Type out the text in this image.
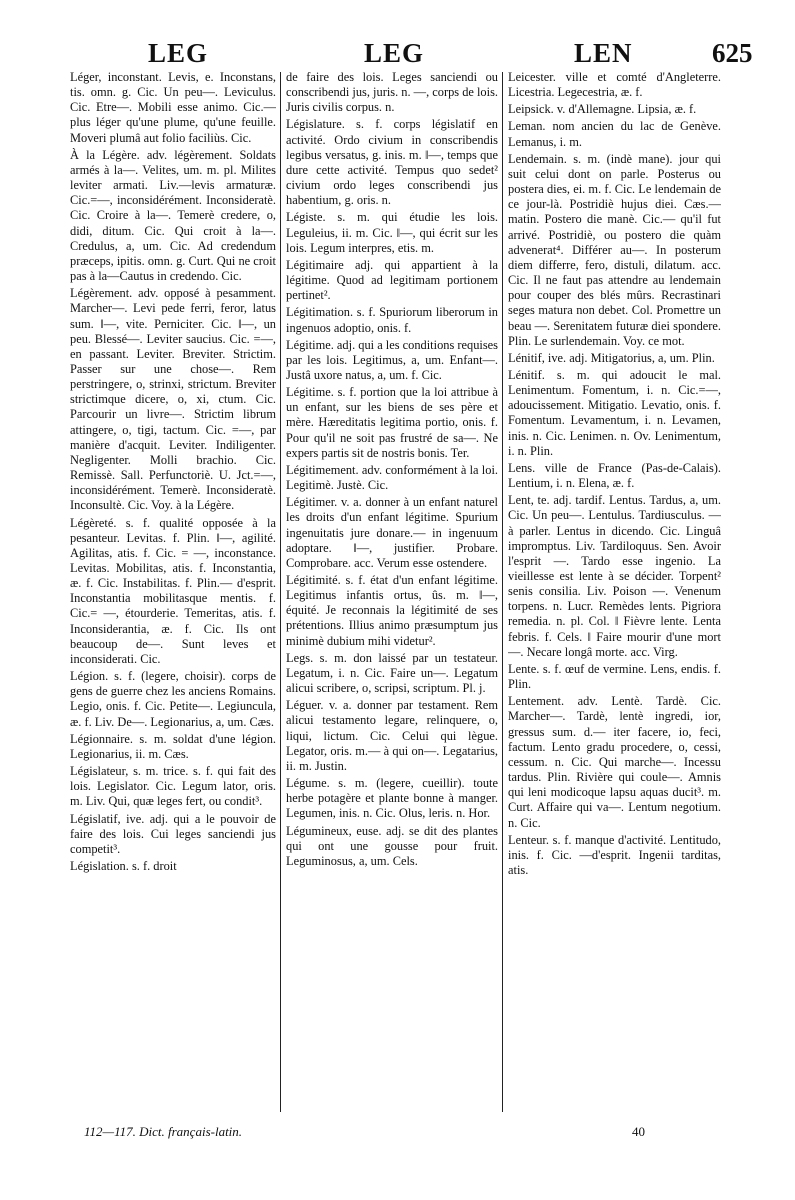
LEG	LEG	LEN	625

Léger, inconstant. Levis, e. Inconstans, tis. omn. g. Cic. Un peu—. Leviculus. Cic. Etre—. Mobili esse animo. Cic.—plus léger qu'une plume, qu'une feuille. Moveri plumâ aut folio faciliùs. Cic.

À la Légère. adv. légèrement. Soldats armés à la—. Velites, um. m. pl. Milites leviter armati. Liv.—levis armaturæ. Cic.=—, inconsidérément. Inconsideratè. Cic. Croire à la—. Temerè credere, o, didi, ditum. Cic. Qui croit à la—. Credulus, a, um. Cic. Ad credendum præceps, ipitis. omn. g. Curt. Qui ne croit pas à la—Cautus in credendo. Cic.

Légèrement. adv. opposé à pesamment. Marcher—. Levi pede ferri, feror, latus sum. ‖—, vite. Perniciter. Cic. ‖—, un peu. Blessé—. Leviter saucius. Cic. =—, en passant. Leviter. Breviter. Strictim. Passer sur une chose—. Rem perstringere, o, strinxi, strictum. Breviter strictimque dicere, o, xi, ctum. Cic. Parcourir un livre—. Strictim librum attingere, o, tigi, tactum. Cic. =—, par manière d'acquit. Leviter. Indiligenter. Negligenter. Molli brachio. Cic. Remissè. Sall. Perfunctoriè. U. Jct.=—, inconsidérément. Temerè. Inconsideratè. Inconsultè. Cic. Voy. à la Légère.

Légèreté. s. f. qualité opposée à la pesanteur. Levitas. f. Plin. ‖—, agilité. Agilitas, atis. f. Cic. = —, inconstance. Levitas. Mobilitas, atis. f. Inconstantia, æ. f. Cic. Instabilitas. f. Plin.— d'esprit. Inconstantia mobilitasque mentis. f. Cic.= —, étourderie. Temeritas, atis. f. Inconsiderantia, æ. f. Cic. Ils ont beaucoup de—. Sunt leves et inconsiderati. Cic.

Légion. s. f. (legere, choisir). corps de gens de guerre chez les anciens Romains. Legio, onis. f. Cic. Petite—. Legiuncula, æ. f. Liv. De—. Legionarius, a, um. Cæs.

Légionnaire. s. m. soldat d'une légion. Legionarius, ii. m. Cæs.

Législateur, s. m. trice. s. f. qui fait des lois. Legislator. Cic. Legum lator, oris. m. Liv. Qui, quæ leges fert, ou condit³.

Législatif, ive. adj. qui a le pouvoir de faire des lois. Cui leges sanciendi jus competit³.

Législation. s. f. droit

de faire des lois. Leges sanciendi ou conscribendi jus, juris. n. —, corps de lois. Juris civilis corpus. n.

Législature. s. f. corps législatif en activité. Ordo civium in conscribendis legibus versatus, g. inis. m. ‖—, temps que dure cette activité. Tempus quo sedet² civium ordo leges conscribendi jus habentium, g. oris. n.

Légiste. s. m. qui étudie les lois. Leguleius, ii. m. Cic. ‖—, qui écrit sur les lois. Legum interpres, etis. m.

Légitimaire adj. qui appartient à la légitime. Quod ad legitimam portionem pertinet².

Légitimation. s. f. Spuriorum liberorum in ingenuos adoptio, onis. f.

Légitime. adj. qui a les conditions requises par les lois. Legitimus, a, um. Enfant—. Justâ uxore natus, a, um. f. Cic.

Légitime. s. f. portion que la loi attribue à un enfant, sur les biens de ses père et mère. Hæreditatis legitima portio, onis. f. Pour qu'il ne soit pas frustré de sa—. Ne expers partis sit de nostris bonis. Ter.

Légitimement. adv. conformément à la loi. Legitimè. Justè. Cic.

Légitimer. v. a. donner à un enfant naturel les droits d'un enfant légitime. Spurium ingenuitatis jure donare.— in ingenuum adoptare. ‖—, justifier. Probare. Comprobare. acc. Verum esse ostendere.

Légitimité. s. f. état d'un enfant légitime. Legitimus infantis ortus, ûs. m. ‖—, équité. Je reconnais la légitimité de ses prétentions. Illius animo præsumptum jus minimè dubium mihi videtur².

Legs. s. m. don laissé par un testateur. Legatum, i. n. Cic. Faire un—. Legatum alicui scribere, o, scripsi, scriptum. Pl. j.

Léguer. v. a. donner par testament. Rem alicui testamento legare, relinquere, o, liqui, lictum. Cic. Celui qui lègue. Legator, oris. m.— à qui on—. Legatarius, ii. m. Justin.

Légume. s. m. (legere, cueillir). toute herbe potagère et plante bonne à manger. Legumen, inis. n. Cic. Olus, leris. n. Hor.

Légumineux, euse. adj. se dit des plantes qui ont une gousse pour fruit. Leguminosus, a, um. Cels.

Leicester. ville et comté d'Angleterre. Licestria. Legecestria, æ. f.

Leipsick. v. d'Allemagne. Lipsia, æ. f.

Leman. nom ancien du lac de Genève. Lemanus, i. m.

Lendemain. s. m. (indè mane). jour qui suit celui dont on parle. Posterus ou postera dies, ei. m. f. Cic. Le lendemain de ce jour-là. Postridiè hujus diei. Cæs.— matin. Postero die manè. Cic.— qu'il fut arrivé. Postridiè, ou postero die quàm advenerat⁴. Différer au—. In posterum diem differre, fero, distuli, dilatum. acc. Cic. Il ne faut pas attendre au lendemain pour couper des blés mûrs. Recrastinari seges matura non debet. Col. Promettre un beau —. Serenitatem futuræ diei spondere. Plin. Le surlendemain. Voy. ce mot.

Lénitif, ive. adj. Mitigatorius, a, um. Plin.

Lénitif. s. m. qui adoucit le mal. Lenimentum. Fomentum, i. n. Cic.=—, adoucissement. Mitigatio. Levatio, onis. f. Fomentum. Levamentum, i. n. Levamen, inis. n. Cic. Lenimen. n. Ov. Lenimentum, i. n. Plin.

Lens. ville de France (Pas-de-Calais). Lentium, i. n. Elena, æ. f.

Lent, te. adj. tardif. Lentus. Tardus, a, um. Cic. Un peu—. Lentulus. Tardiusculus. — à parler. Lentus in dicendo. Cic. Linguâ impromptus. Liv. Tardiloquus. Sen. Avoir l'esprit —. Tardo esse ingenio. La vieillesse est lente à se décider. Torpent² senis consilia. Liv. Poison —. Venenum torpens. n. Lucr. Remèdes lents. Pigriora remedia. n. pl. Col. ‖ Fièvre lente. Lenta febris. f. Cels. ‖ Faire mourir d'une mort—. Necare longâ morte. acc. Virg.

Lente. s. f. œuf de vermine. Lens, endis. f. Plin.

Lentement. adv. Lentè. Tardè. Cic. Marcher—. Tardè, lentè ingredi, ior, gressus sum. d.— iter facere, io, feci, factum. Lento gradu procedere, o, cessi, cessum. n. Cic. Qui marche—. Incessu tardus. Plin. Rivière qui coule—. Amnis qui leni modicoque lapsu aquas ducit³. m. Curt. Affaire qui va—. Lentum negotium. n. Cic.

Lenteur. s. f. manque d'activité. Lentitudo, inis. f. Cic. —d'esprit. Ingenii tarditas, atis.

112—117. Dict. français-latin.	40
